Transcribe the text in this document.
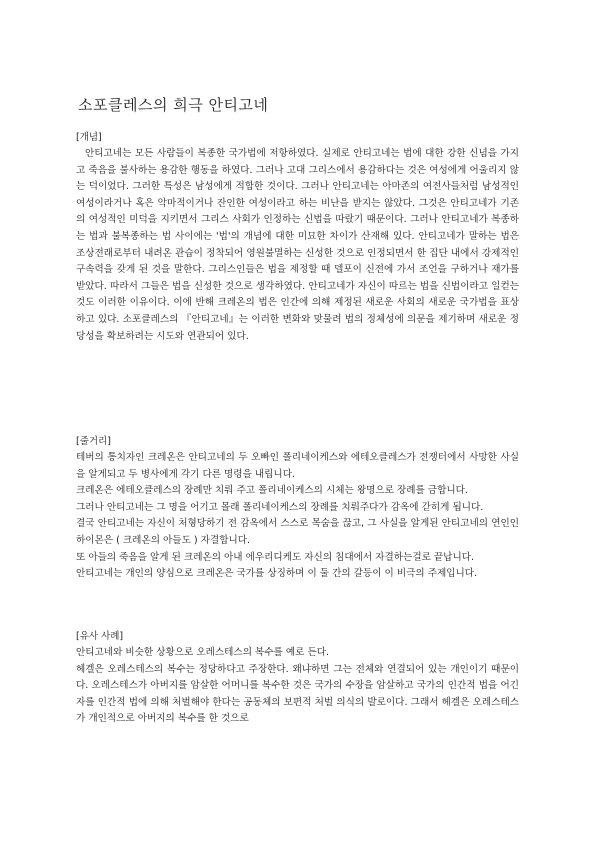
소포클레스의 희극 안티고네
[개념]

안티고네는 모든 사람들이 복종한 국가법에 저항하였다. 실제로 안티고네는 법에 대한 강한 신념을 가지고 죽음을 불사하는 용감한 행동을 하였다. 그러나 고대 그리스에서 용감하다는 것은 여성에게 어울리지 않는 덕이었다. 그러한 특성은 남성에게 적합한 것이다. 그러나 안티고네는 아마존의 여전사들처럼 남성적인 여성이라거나 혹은 악마적이거나 잔인한 여성이라고 하는 비난을 받지는 않았다. 그것은 안티고네가 기존의 여성적인 미덕을 지키면서 그리스 사회가 인정하는 신법을 따랐기 때문이다. 그러나 안티고네가 복종하는 법과 불복종하는 법 사이에는 '법'의 개념에 대한 미묘한 차이가 산재해 있다. 안티고네가 말하는 법은 조상전래로부터 내려온 관습이 정착되어 영원불멸하는 신성한 것으로 인정되면서 한 집단 내에서 강제적인 구속력을 갖게 된 것을 말한다. 그리스인들은 법을 제정할 때 델포이 신전에 가서 조언을 구하거나 재가를 받았다. 따라서 그들은 법을 신성한 것으로 생각하였다. 안티고네가 자신이 따르는 법을 신법이라고 일컫는 것도 이러한 이유이다. 이에 반해 크레온의 법은 인간에 의해 제정된 새로운 사회의 새로운 국가법을 표상하고 있다. 소포클레스의 『안티고네』는 이러한 변화와 맞물려 법의 정체성에 의문을 제기하며 새로운 정당성을 확보하려는 시도와 연관되어 있다.

[줄거리]

테버의 통치자인 크레온은 안티고네의 두 오빠인 폴리네이케스와 에테오클레스가 전쟁터에서 사망한 사실을 알게되고 두 병사에게 각기 다른 명령을 내립니다.

크레온은 에테오클레스의 장례만 치뤄 주고 폴리네이케스의 시체는 왕명으로 장례를 금합니다.

그러나 안티고네는 그 명을 어기고 몰래 폴리네이케스의 장례를 치뤄주다가 감옥에 갇히게 됩니다.

결국 안티고네는 자신이 처형당하기 전 감옥에서 스스로 목숨을 끊고, 그 사실을 알게된 안티고네의 연인인 하이몬은 ( 크레온의 아들도 ) 자결합니다.

또 아들의 죽음을 알게 된 크레온의 아내 에우리디케도 자신의 침대에서 자결하는걸로 끝납니다.

안티고네는 개인의 양심으로 크레온은 국가를 상징하며 이 둘 간의 갈등이 이 비극의 주제입니다.

[유사 사례]

안티고네와 비슷한 상황으로 오레스테스의 복수를 예로 든다.

헤겔은 오레스테스의 복수는 정당하다고 주장한다. 왜냐하면 그는 전체와 연결되어 있는 개인이기 때문이다. 오레스테스가 아버지를 암살한 어머니를 복수한 것은 국가의 수장을 암살하고 국가의 인간적 법을 어긴 자를 인간적 법에 의해 처벌해야 한다는 공동체의 보편적 처벌 의식의 발로이다. 그래서 헤겔은 오레스테스가 개인적으로 아버지의 복수를 한 것으로
